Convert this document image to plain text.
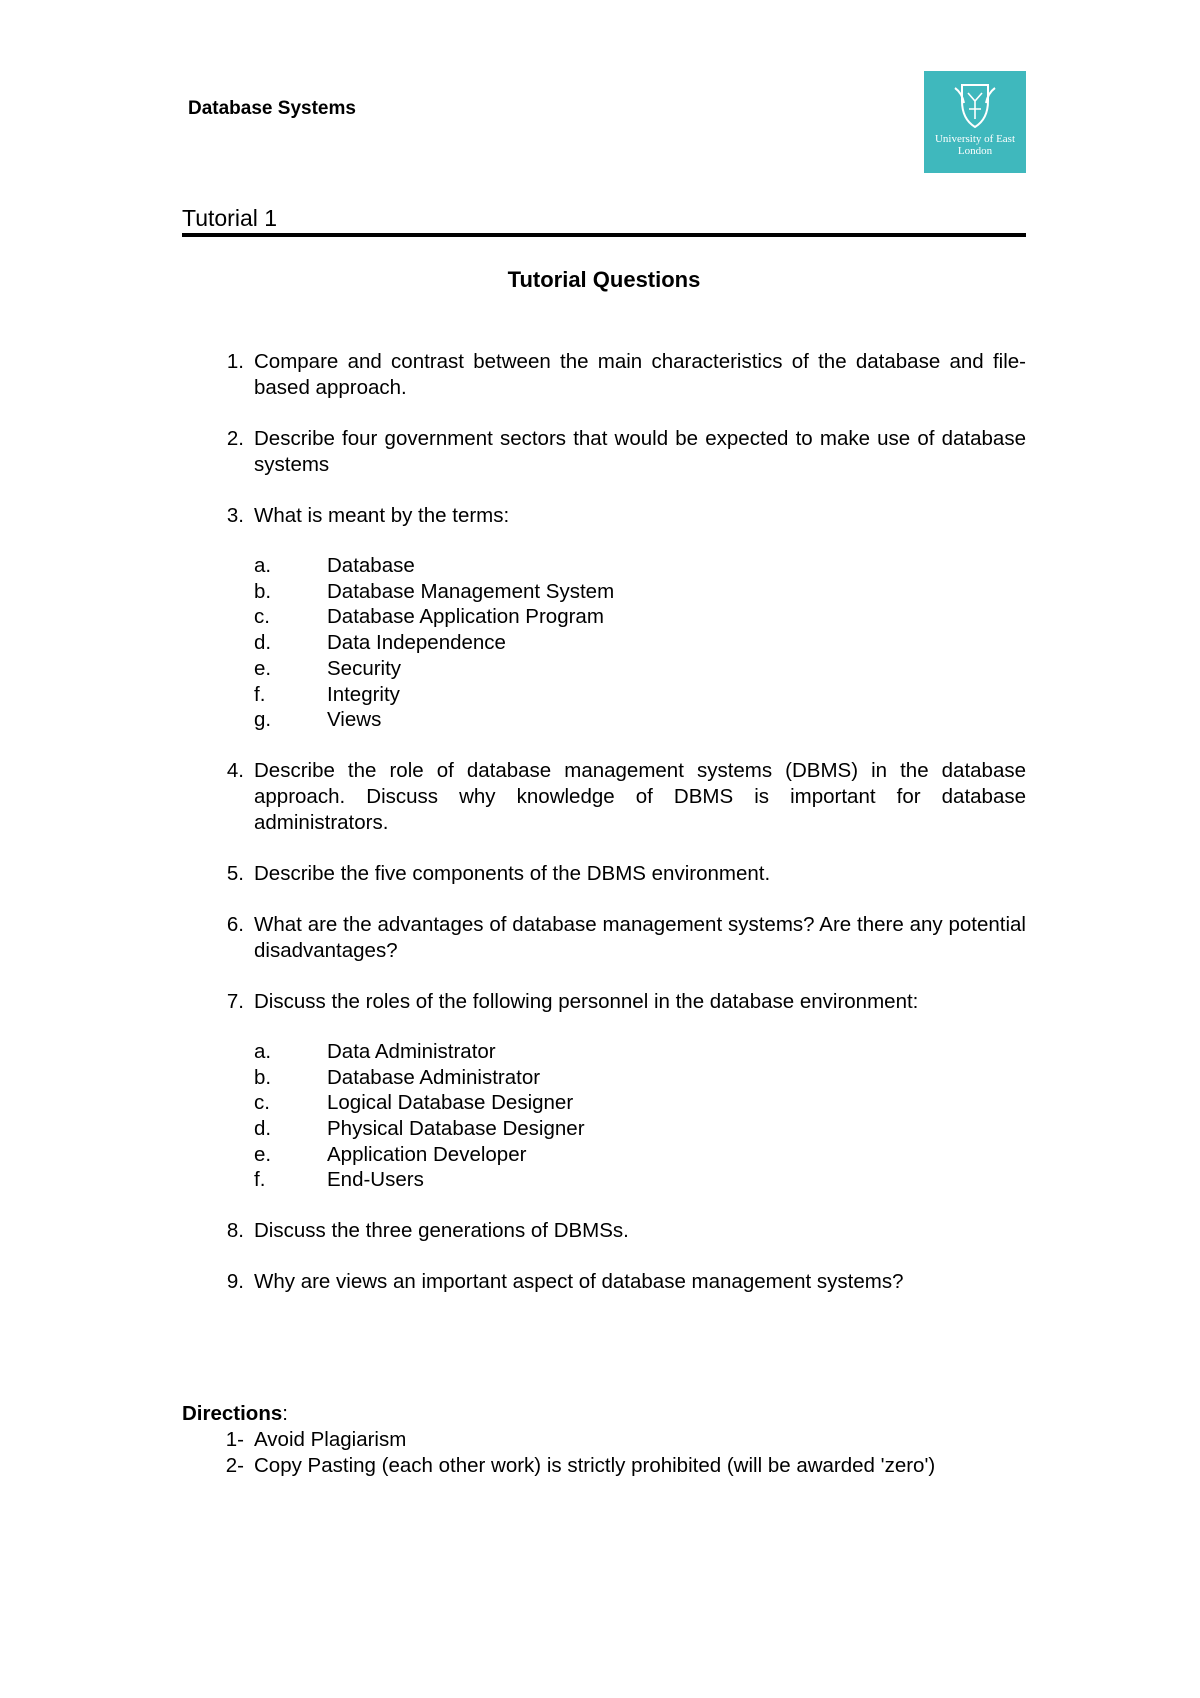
Database Systems
University of East London
Tutorial 1
Tutorial Questions
1. Compare and contrast between the main characteristics of the database and file-based approach.
2. Describe four government sectors that would be expected to make use of database systems
3. What is meant by the terms:
a.	Database
b.	Database Management System
c.	Database Application Program
d.	Data Independence
e.	Security
f.	Integrity
g.	Views
4. Describe the role of database management systems (DBMS) in the database approach. Discuss why knowledge of DBMS is important for database administrators.
5. Describe the five components of the DBMS environment.
6. What are the advantages of database management systems? Are there any potential disadvantages?
7. Discuss the roles of the following personnel in the database environment:
a.	Data Administrator
b.	Database Administrator
c.	Logical Database Designer
d.	Physical Database Designer
e.	Application Developer
f.	End-Users
8. Discuss the three generations of DBMSs.
9. Why are views an important aspect of database management systems?
Directions:
1- Avoid Plagiarism
2- Copy Pasting (each other work) is strictly prohibited (will be awarded 'zero')
